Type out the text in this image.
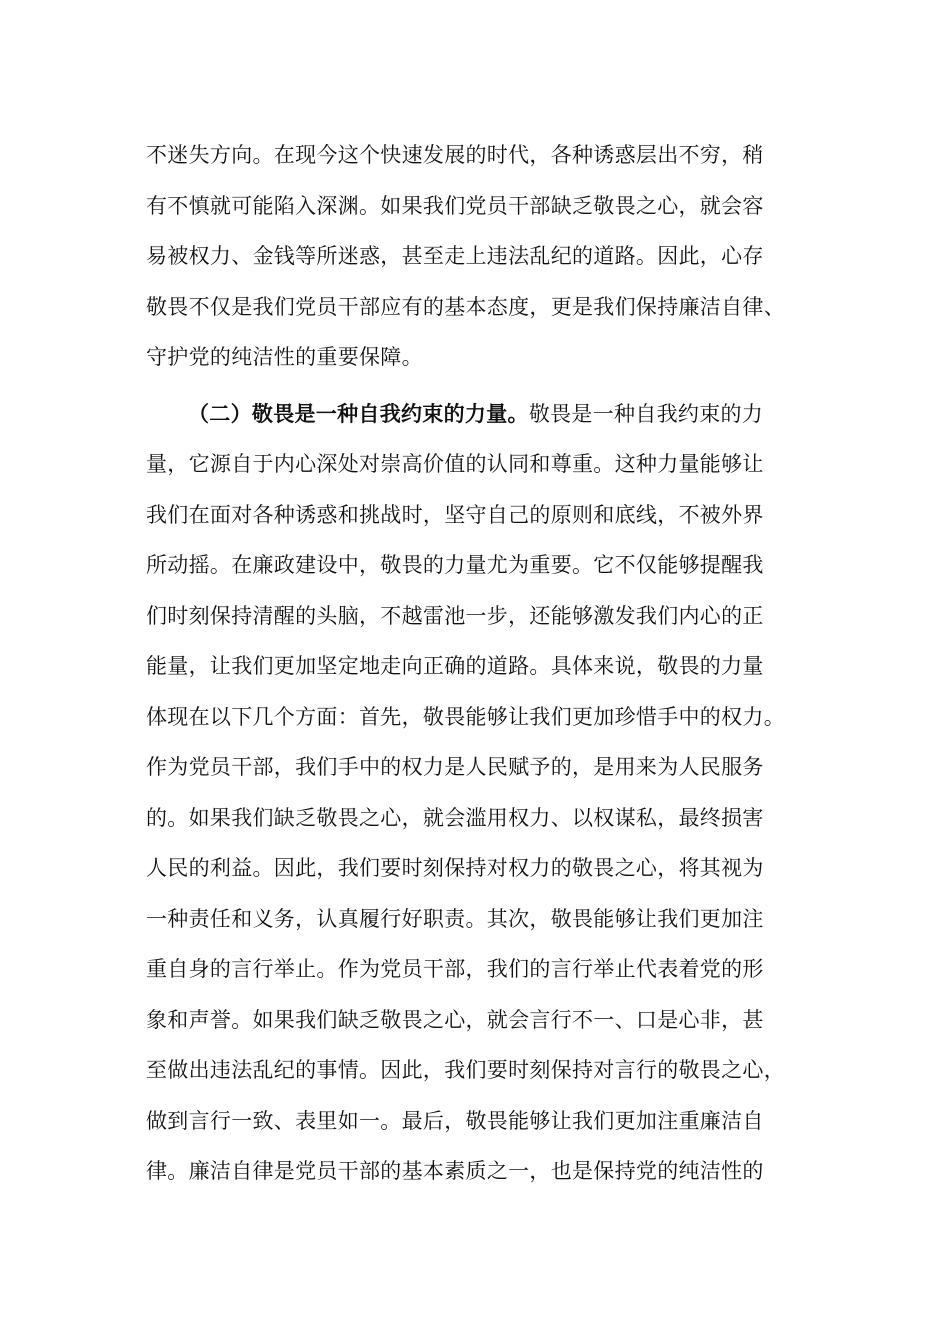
不迷失方向。在现今这个快速发展的时代，各种诱惑层出不穷，稍
有不慎就可能陷入深渊。如果我们党员干部缺乏敬畏之心，就会容
易被权力、金钱等所迷惑，甚至走上违法乱纪的道路。因此，心存
敬畏不仅是我们党员干部应有的基本态度，更是我们保持廉洁自律、
守护党的纯洁性的重要保障。
（二）敬畏是一种自我约束的力量。敬畏是一种自我约束的力
量，它源自于内心深处对崇高价值的认同和尊重。这种力量能够让
我们在面对各种诱惑和挑战时，坚守自己的原则和底线，不被外界
所动摇。在廉政建设中，敬畏的力量尤为重要。它不仅能够提醒我
们时刻保持清醒的头脑，不越雷池一步，还能够激发我们内心的正
能量，让我们更加坚定地走向正确的道路。具体来说，敬畏的力量
体现在以下几个方面：首先，敬畏能够让我们更加珍惜手中的权力。
作为党员干部，我们手中的权力是人民赋予的，是用来为人民服务
的。如果我们缺乏敬畏之心，就会滥用权力、以权谋私，最终损害
人民的利益。因此，我们要时刻保持对权力的敬畏之心，将其视为
一种责任和义务，认真履行好职责。其次，敬畏能够让我们更加注
重自身的言行举止。作为党员干部，我们的言行举止代表着党的形
象和声誉。如果我们缺乏敬畏之心，就会言行不一、口是心非，甚
至做出违法乱纪的事情。因此，我们要时刻保持对言行的敬畏之心，
做到言行一致、表里如一。最后，敬畏能够让我们更加注重廉洁自
律。廉洁自律是党员干部的基本素质之一，也是保持党的纯洁性的
